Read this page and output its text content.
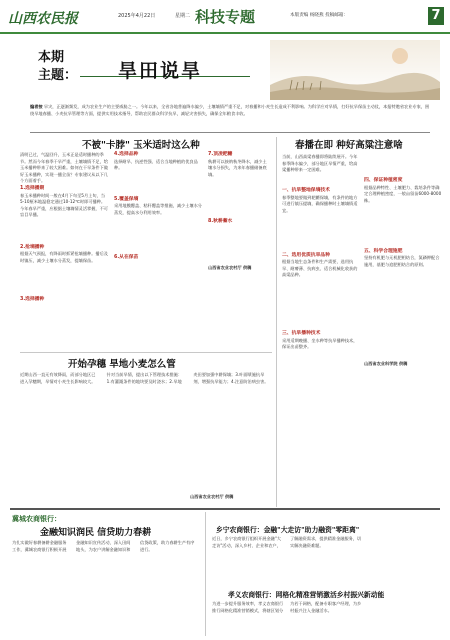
山西农民报	2025年4月22日	星期二 科技专题	本版责编 杨晓燕 投稿邮箱：	7
本期
主题： 旱田说旱
编者按 旱灾，正逐渐频发，成为农业生产的主要威胁之一。今年以来，全省各地普遍降水偏少，土壤墒情严重不足，对春播和小麦生长造成不利影响。为科学应对旱情，打好抗旱保苗主动仗，本报特邀省农业专家，围绕旱地春播、小麦抗旱管理等方面，提供实用技术指导，帮助农民群众科学抗旱，减轻灾害损失，确保全年粮食丰收。
不被"卡脖" 玉米适时这么种
清明已过，气温回升，玉米正是适时播种的季节。然而今年春季干旱严重，土壤墒情不足，给玉米播种带来了较大困难。如何在干旱条件下做好玉米播种，实现一播全苗？专家建议从以下几个方面着手。
1.选择播期
春玉米播种时间一般在4月下旬至5月上旬，当5-10厘米地温稳定通过10-12℃时即可播种。今年春旱严重，应根据土壤墒情灵活掌握，不可盲目早播。
2.抢墒播种
根据天气预报，有降雨时抓紧抢墒播种。播后及时镇压，减少土壤水分蒸发，提墒保苗。
3.选择播种
4.选择品种
选择耐旱、抗逆性强、适合当地种植的优良品种。
5.覆盖保墒
采用地膜覆盖、秸秆覆盖等措施，减少土壤水分蒸发，提高水分利用效率。
6.从在保苗
7.顶凌耙耱
秋耕可以接纳秋冬降水，减少土壤水分损失，为来年春播储备底墒。
8.秋耕蓄水
山西省农业农村厅 供稿
春播在即 种好高粱注意啥
当前，山西高粱春播即将陆续展开。今年春季降水偏少，部分地区旱情严重，给高粱播种带来一定困难。
一、抗旱整地保墒技术
春季整地要做到耙耱保墒，有条件的地方可进行镇压提墒，确保播种时土壤墒情适宜。
二、选用优质抗旱品种
根据当地生态条件和生产需要，选用抗旱、耐瘠薄、抗病虫、适合机械化收获的高粱品种。
三、抗旱播种技术
采用适期晚播、坐水种等抗旱播种技术，保证出苗整齐。
四、保证种植密度
根据品种特性、土壤肥力、栽培条件等确定合理种植密度，一般亩留苗6000-8000株。
五、科学合理施肥
坚持有机肥与无机肥相结合，氮磷钾配合施用，基肥与追肥相结合的原则。
山西省农业科学院 供稿
开始孕穗 旱地小麦怎么管
近期山西一直无有效降雨，而部分地区已进入孕穗期，旱情对小麦生长影响较大。针对当前旱情，提出以下管理技术措施：1.有灌溉条件的地块要及时浇水；2.旱地麦田要加强中耕保墒；3.叶面喷施抗旱剂，增强抗旱能力；4.注意防治病虫害。
山西省农业农村厅 供稿
冀城农商银行：
金融知识润民 信贷助力春耕
为扎实做好春耕备耕金融服务工作，冀城农商银行积极开展金融知识宣传活动，深入田间地头，为农户讲解金融知识和信贷政策，助力春耕生产有序进行。
乡宁农商银行：金融"大走访"助力融资"零距离"
近日，乡宁农商银行组织开展金融"大走访"活动，深入乡村、企业和农户，了解融资需求，提供精准金融服务，切实解决融资难题。
孝义农商银行：网格化精准营销激活乡村振兴新动能
为进一步提升服务效率，孝义农商银行推行网格化精准营销模式，将辖区划分为若干网格，配备专职客户经理，为乡村振兴注入金融活水。
